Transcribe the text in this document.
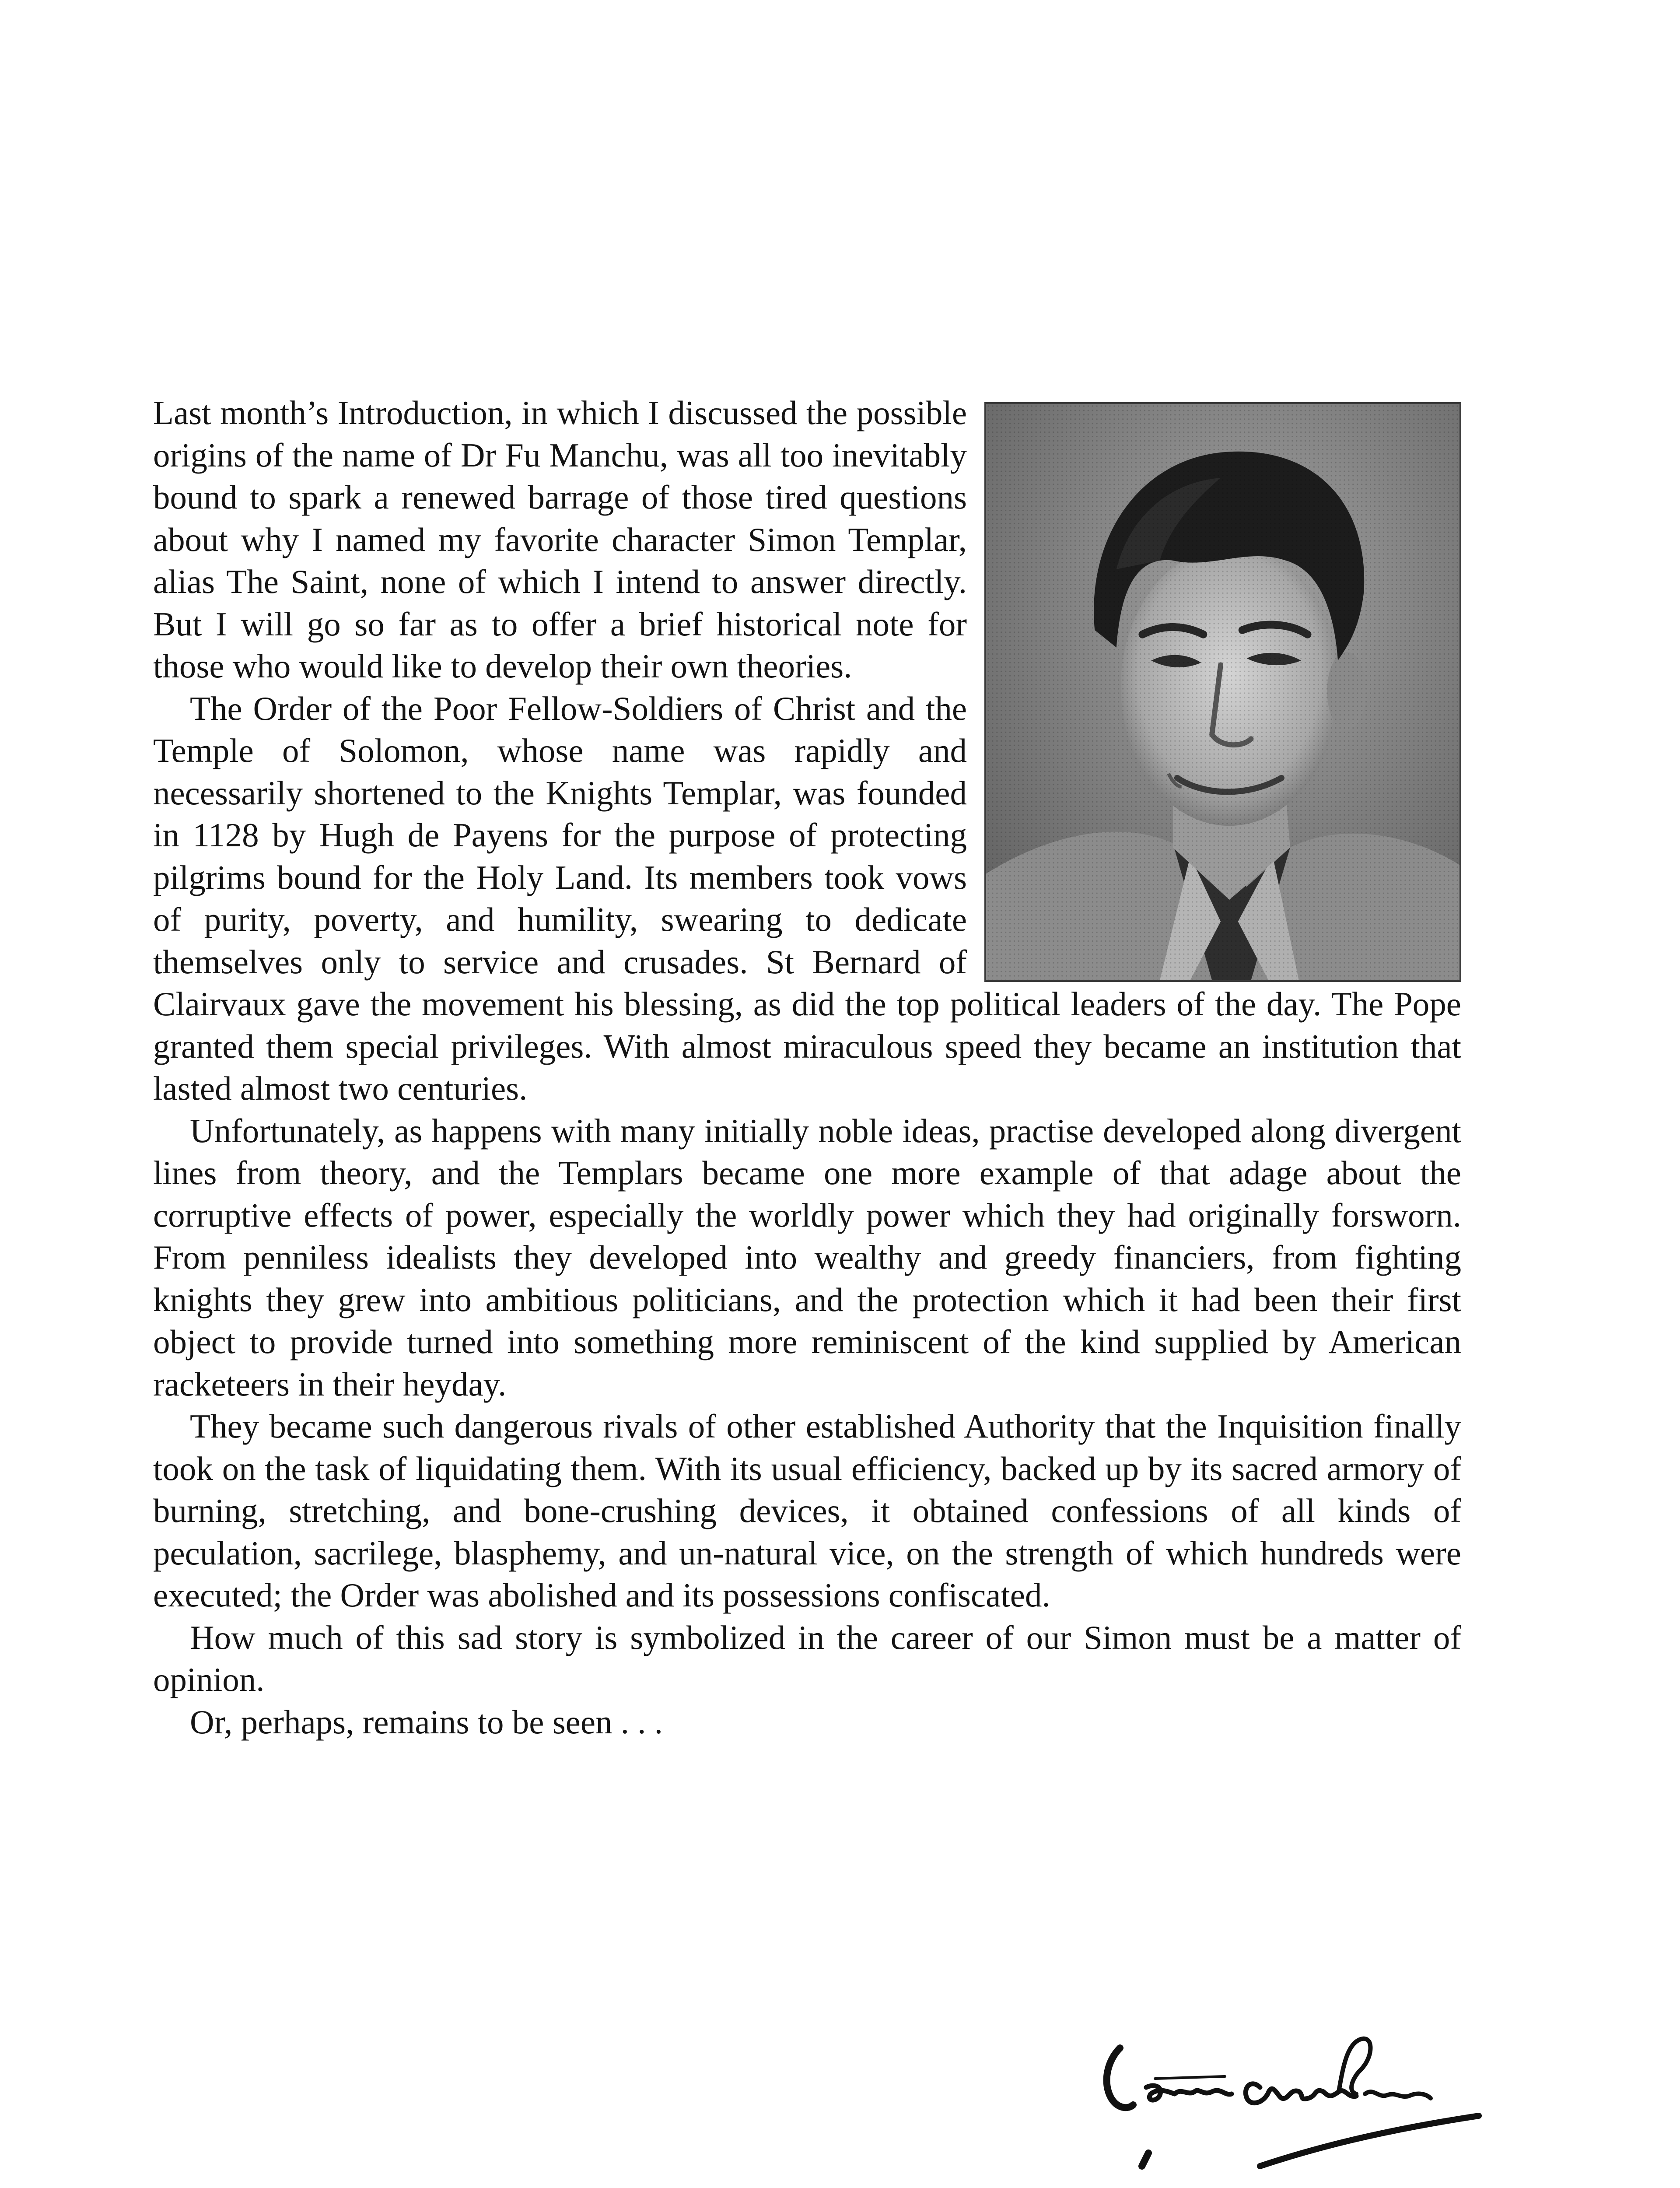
Last month’s Introduction, in which I discussed the possible origins of the name of Dr Fu Manchu, was all too inevitably bound to spark a renewed barrage of those tired questions about why I named my favorite character Simon Templar, alias The Saint, none of which I intend to answer directly. But I will go so far as to offer a brief historical note for those who would like to develop their own theories.

The Order of the Poor Fellow-Soldiers of Christ and the Temple of Solomon, whose name was rapidly and necessarily shortened to the Knights Templar, was founded in 1128 by Hugh de Payens for the purpose of protecting pilgrims bound for the Holy Land. Its members took vows of purity, poverty, and humility, swearing to dedicate themselves only to service and crusades. St Bernard of Clairvaux gave the movement his blessing, as did the top political leaders of the day. The Pope granted them special privileges. With almost miraculous speed they became an institution that lasted almost two centuries.

Unfortunately, as happens with many initially noble ideas, practise developed along divergent lines from theory, and the Templars became one more example of that adage about the corruptive effects of power, especially the worldly power which they had originally forsworn. From penniless idealists they developed into wealthy and greedy financiers, from fighting knights they grew into ambitious politicians, and the protection which it had been their first object to provide turned into something more reminiscent of the kind supplied by American racketeers in their heyday.

They became such dangerous rivals of other established Authority that the Inquisition finally took on the task of liquidating them. With its usual efficiency, backed up by its sacred armory of burning, stretching, and bone-crushing devices, it obtained confessions of all kinds of peculation, sacrilege, blasphemy, and un-natural vice, on the strength of which hundreds were executed; the Order was abolished and its possessions confiscated.

How much of this sad story is symbolized in the career of our Simon must be a matter of opinion.

Or, perhaps, remains to be seen . . .
